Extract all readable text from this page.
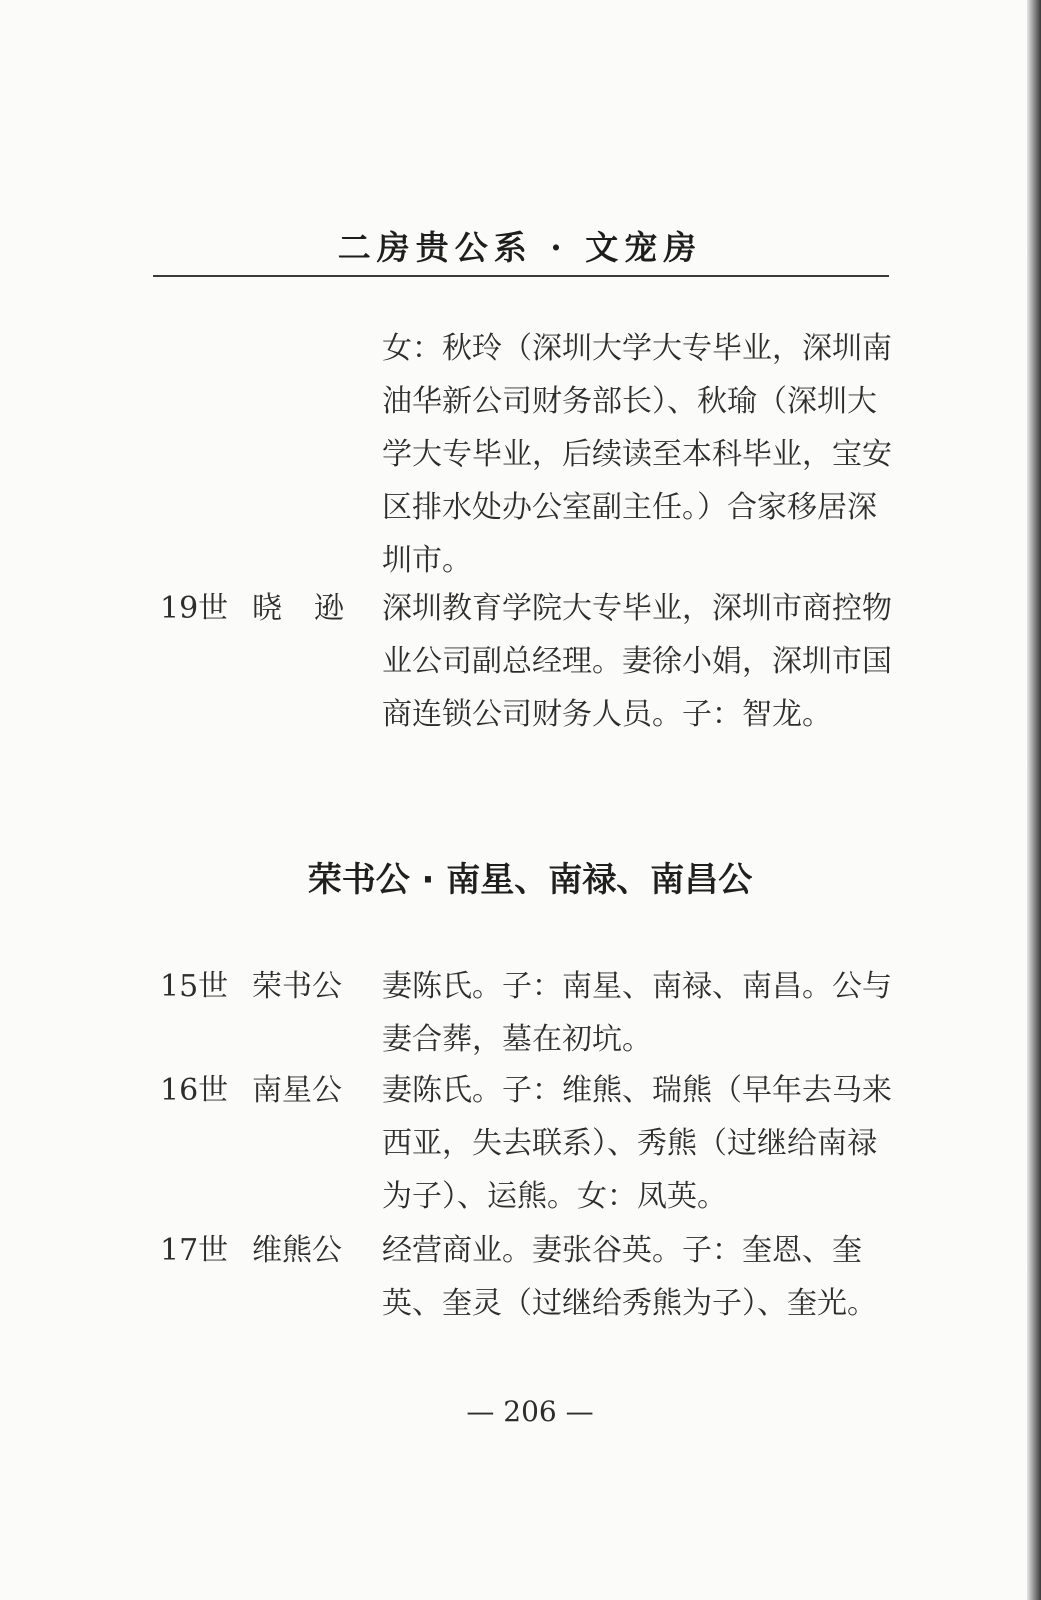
二房贵公系 · 文宠房
女：秋玲（深圳大学大专毕业，深圳南油华新公司财务部长）、秋瑜（深圳大学大专毕业，后续读至本科毕业，宝安区排水处办公室副主任。）合家移居深圳市。
19世 晓逊 深圳教育学院大专毕业，深圳市商控物业公司副总经理。妻徐小娟，深圳市国商连锁公司财务人员。子：智龙。
荣书公 · 南星、南禄、南昌公
15世 荣书公	妻陈氏。子：南星、南禄、南昌。公与妻合葬，墓在初坑。
16世 南星公	妻陈氏。子：维熊、瑞熊（早年去马来西亚，失去联系）、秀熊（过继给南禄为子）、运熊。女：凤英。
17世 维熊公	经营商业。妻张谷英。子：奎恩、奎英、奎灵（过继给秀熊为子）、奎光。
— 206 —
